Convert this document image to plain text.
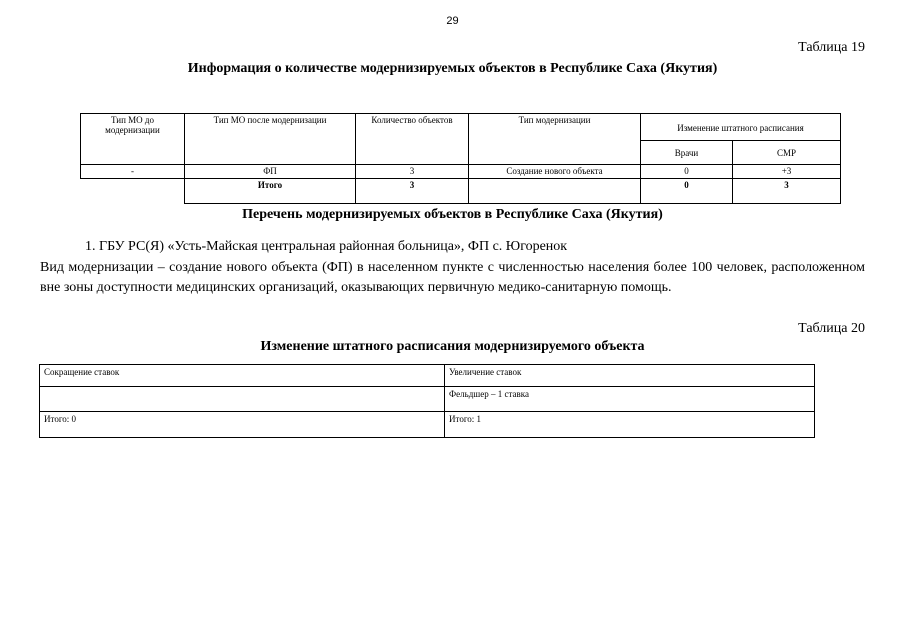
29
Таблица 19
Информация о количестве модернизируемых объектов в Республике Саха (Якутия)
Тип МО до модернизации	Тип МО после модернизации	Количество объектов	Тип модернизации	Изменение штатного расписания	
				Врачи	СМР
-	ФП	3	Создание нового объекта	0	+3
	Итого	3		0	3
Перечень модернизируемых объектов в Республике Саха (Якутия)
1. ГБУ РС(Я) «Усть-Майская центральная районная больница», ФП с. Югоренок
Вид модернизации – создание нового объекта (ФП) в населенном пункте с численностью населения более 100 человек, расположенном вне зоны доступности медицинских организаций, оказывающих первичную медико-санитарную помощь.
Таблица 20
Изменение штатного расписания модернизируемого объекта
Сокращение ставок	Увеличение ставок
	Фельдшер – 1 ставка
Итого: 0	Итого: 1
